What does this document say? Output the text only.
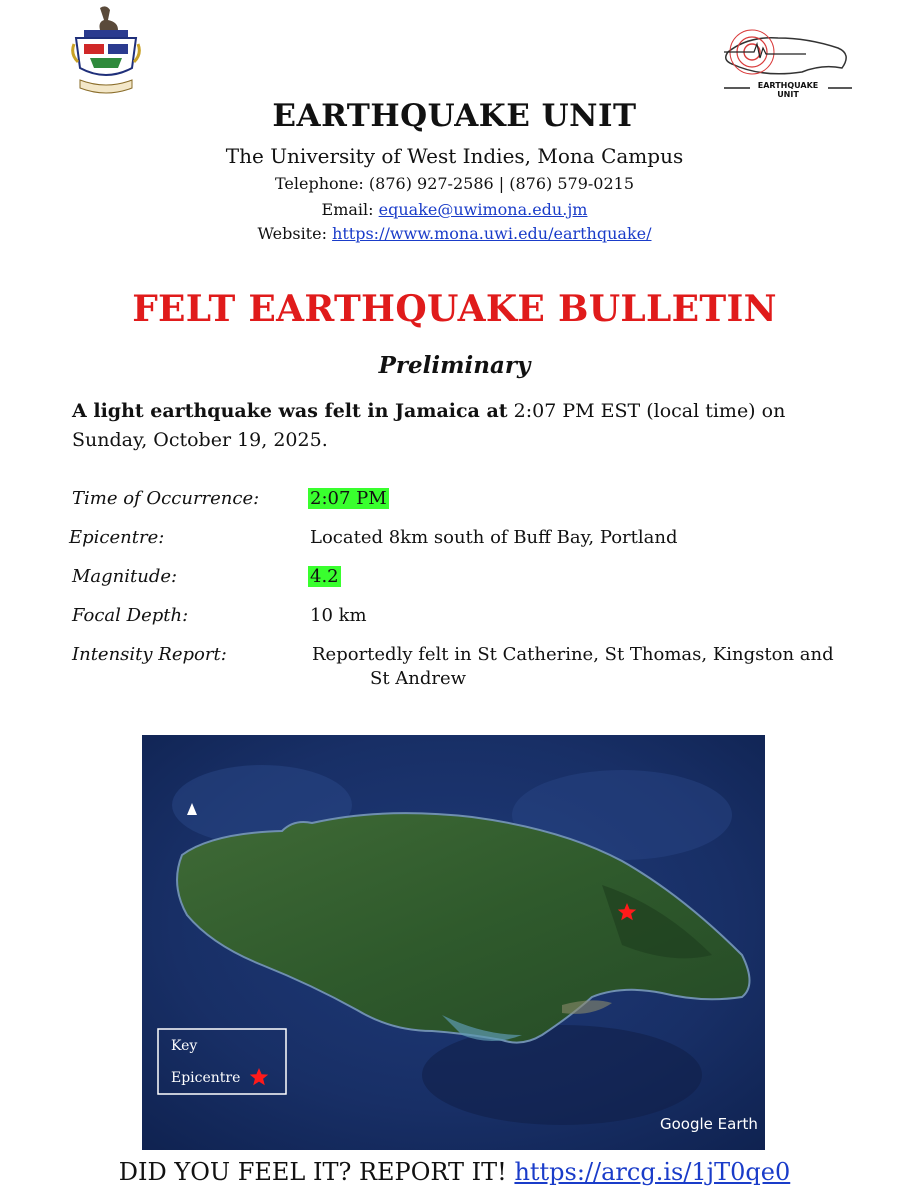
EARTHQUAKE UNIT
EARTHQUAKE UNIT
The University of West Indies, Mona Campus
Telephone: (876) 927-2586 | (876) 579-0215
Email: equake@uwimona.edu.jm
Website: https://www.mona.uwi.edu/earthquake/
FELT EARTHQUAKE BULLETIN
Preliminary
A light earthquake was felt in Jamaica at 2:07 PM EST (local time) on Sunday, October 19, 2025.
Time of Occurrence:	2:07 PM
Epicentre:	Located 8km south of Buff Bay, Portland
Magnitude:	4.2
Focal Depth:	10 km
Intensity Report:	Reportedly felt in St Catherine, St Thomas, Kingston and
St Andrew
Key
Epicentre
Google Earth
DID YOU FEEL IT? REPORT IT! https://arcg.is/1jT0qe0
